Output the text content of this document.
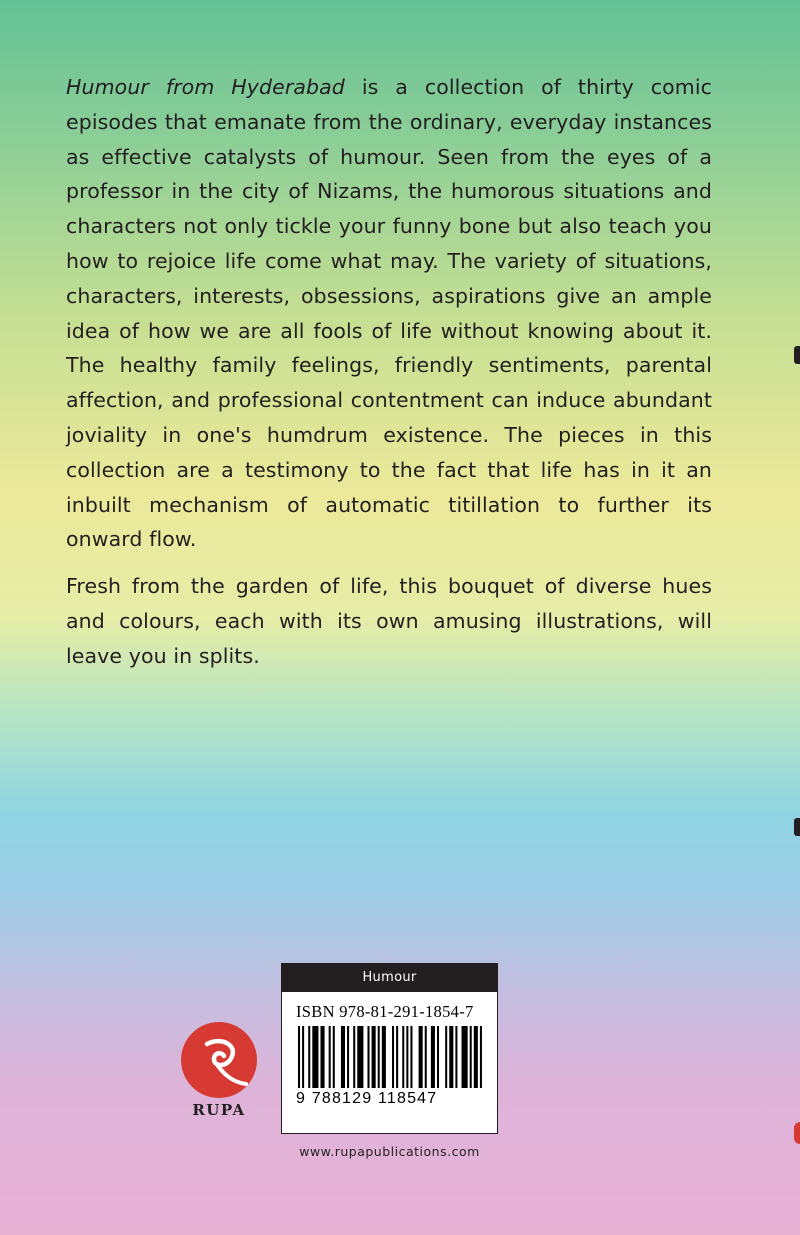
Humour from Hyderabad is a collection of thirty comic episodes that emanate from the ordinary, everyday instances as effective catalysts of humour. Seen from the eyes of a professor in the city of Nizams, the humorous situations and characters not only tickle your funny bone but also teach you how to rejoice life come what may. The variety of situations, characters, interests, obsessions, aspirations give an ample idea of how we are all fools of life without knowing about it. The healthy family feelings, friendly sentiments, parental affection, and professional contentment can induce abundant joviality in one's humdrum existence. The pieces in this collection are a testimony to the fact that life has in it an inbuilt mechanism of automatic titillation to further its onward flow.

Fresh from the garden of life, this bouquet of diverse hues and colours, each with its own amusing illustrations, will leave you in splits.

RUPA
Humour
ISBN 978-81-291-1854-7
9 788129 118547
www.rupapublications.com
